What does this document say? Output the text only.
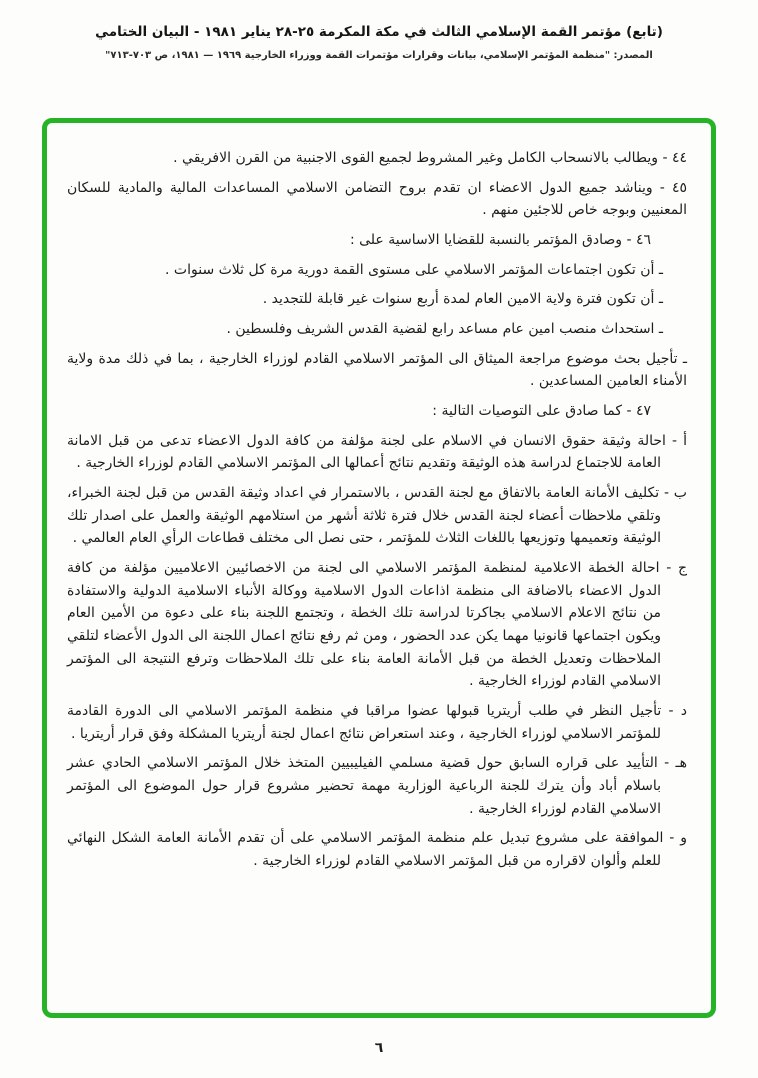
(تابع) مؤتمر القمة الإسلامي الثالث في مكة المكرمة ٢٥-٢٨ يناير ١٩٨١ - البيان الختامي
المصدر: "منظمة المؤتمر الإسلامي، بيانات وقرارات مؤتمرات القمة ووزراء الخارجية ١٩٦٩ — ١٩٨١، ص ٧٠٣-٧١٣"

٤٤ - ويطالب بالانسحاب الكامل وغير المشروط لجميع القوى الاجنبية من القرن الافريقي .

٤٥ - ويناشد جميع الدول الاعضاء ان تقدم بروح التضامن الاسلامي المساعدات المالية والمادية للسكان المعنيين وبوجه خاص للاجئين منهم .

٤٦ - وصادق المؤتمر بالنسبة للقضايا الاساسية على :

ـ أن تكون اجتماعات المؤتمر الاسلامي على مستوى القمة دورية مرة كل ثلاث سنوات .

ـ أن تكون فترة ولاية الامين العام لمدة أربع سنوات غير قابلة للتجديد .

ـ استحداث منصب امين عام مساعد رابع لقضية القدس الشريف وفلسطين .

ـ تأجيل بحث موضوع مراجعة الميثاق الى المؤتمر الاسلامي القادم لوزراء الخارجية ، بما في ذلك مدة ولاية الأمناء العامين المساعدين .

٤٧ - كما صادق على التوصيات التالية :

أ - احالة وثيقة حقوق الانسان في الاسلام على لجنة مؤلفة من كافة الدول الاعضاء تدعى من قبل الامانة العامة للاجتماع لدراسة هذه الوثيقة وتقديم نتائج أعمالها الى المؤتمر الاسلامي القادم لوزراء الخارجية .

ب - تكليف الأمانة العامة بالاتفاق مع لجنة القدس ، بالاستمرار في اعداد وثيقة القدس من قبل لجنة الخبراء، وتلقي ملاحظات أعضاء لجنة القدس خلال فترة ثلاثة أشهر من استلامهم الوثيقة والعمل على اصدار تلك الوثيقة وتعميمها وتوزيعها باللغات الثلاث للمؤتمر ، حتى نصل الى مختلف قطاعات الرأي العام العالمي .

ج - احالة الخطة الاعلامية لمنظمة المؤتمر الاسلامي الى لجنة من الاخصائيين الاعلاميين مؤلفة من كافة الدول الاعضاء بالاضافة الى منظمة اذاعات الدول الاسلامية ووكالة الأنباء الاسلامية الدولية والاستفادة من نتائج الاعلام الاسلامي بجاكرتا لدراسة تلك الخطة ، وتجتمع اللجنة بناء على دعوة من الأمين العام ويكون اجتماعها قانونيا مهما يكن عدد الحضور ، ومن ثم رفع نتائج اعمال اللجنة الى الدول الأعضاء لتلقي الملاحظات وتعديل الخطة من قبل الأمانة العامة بناء على تلك الملاحظات وترفع النتيجة الى المؤتمر الاسلامي القادم لوزراء الخارجية .

د - تأجيل النظر في طلب أريتريا قبولها عضوا مراقبا في منظمة المؤتمر الاسلامي الى الدورة القادمة للمؤتمر الاسلامي لوزراء الخارجية ، وعند استعراض نتائج اعمال لجنة أريتريا المشكلة وفق قرار أريتريا .

هـ - التأييد على قراره السابق حول قضية مسلمي الفيليبيين المتخذ خلال المؤتمر الاسلامي الحادي عشر باسلام أباد وأن يترك للجنة الرباعية الوزارية مهمة تحضير مشروع قرار حول الموضوع الى المؤتمر الاسلامي القادم لوزراء الخارجية .

و - الموافقة على مشروع تبديل علم منظمة المؤتمر الاسلامي على أن تقدم الأمانة العامة الشكل النهائي للعلم وألوان لاقراره من قبل المؤتمر الاسلامي القادم لوزراء الخارجية .

٦
